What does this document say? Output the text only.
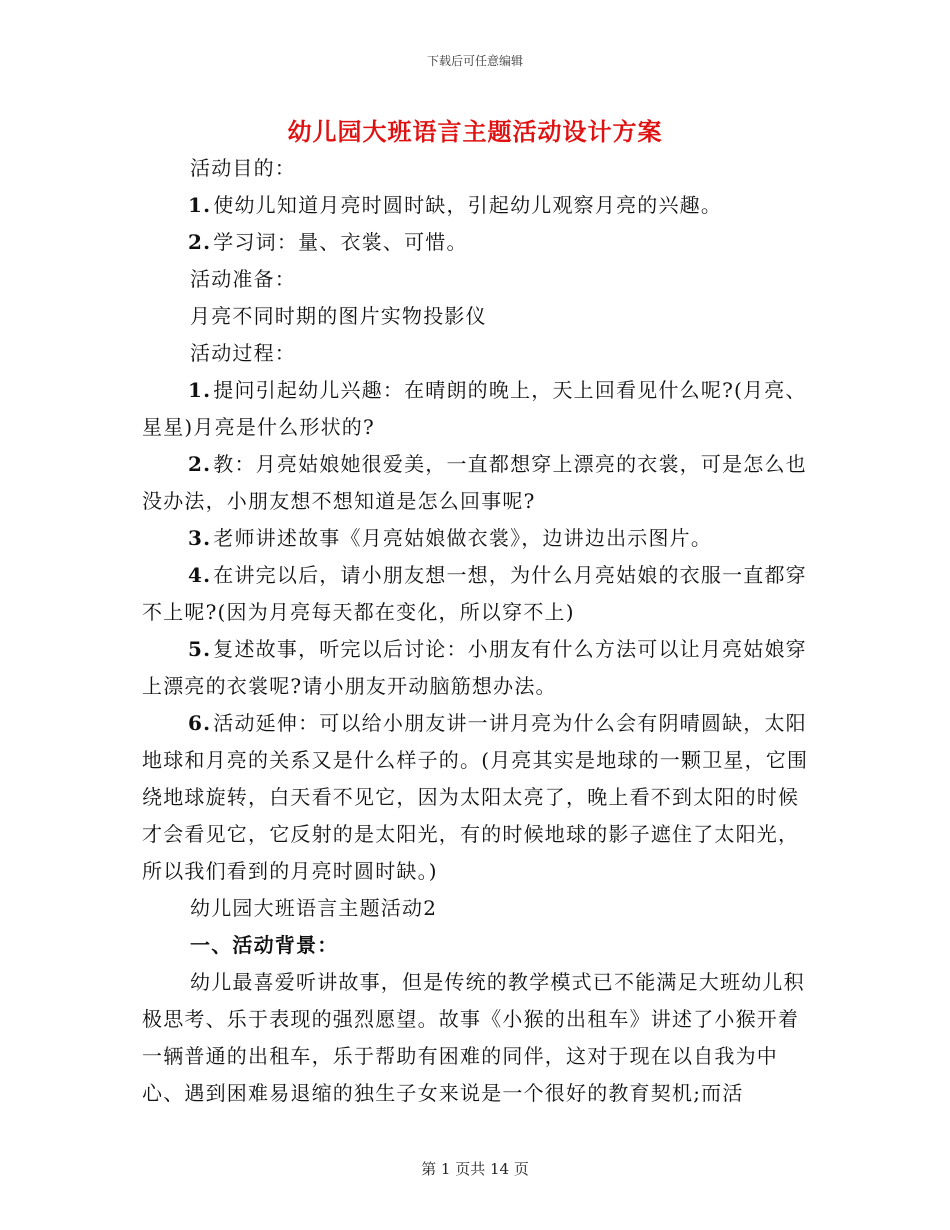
下载后可任意编辑
幼儿园大班语言主题活动设计方案

活动目的：

1. 使幼儿知道月亮时圆时缺，引起幼儿观察月亮的兴趣。

2. 学习词：量、衣裳、可惜。

活动准备：

月亮不同时期的图片实物投影仪

活动过程：

1. 提问引起幼儿兴趣：在晴朗的晚上，天上回看见什么呢?(月亮、星星)月亮是什么形状的?

2. 教：月亮姑娘她很爱美，一直都想穿上漂亮的衣裳，可是怎么也没办法，小朋友想不想知道是怎么回事呢?

3. 老师讲述故事《月亮姑娘做衣裳》，边讲边出示图片。

4. 在讲完以后，请小朋友想一想，为什么月亮姑娘的衣服一直都穿不上呢?(因为月亮每天都在变化，所以穿不上)

5. 复述故事，听完以后讨论：小朋友有什么方法可以让月亮姑娘穿上漂亮的衣裳呢?请小朋友开动脑筋想办法。

6. 活动延伸：可以给小朋友讲一讲月亮为什么会有阴晴圆缺，太阳地球和月亮的关系又是什么样子的。(月亮其实是地球的一颗卫星，它围绕地球旋转，白天看不见它，因为太阳太亮了，晚上看不到太阳的时候才会看见它，它反射的是太阳光，有的时候地球的影子遮住了太阳光，所以我们看到的月亮时圆时缺。)

幼儿园大班语言主题活动2

一、活动背景：

幼儿最喜爱听讲故事，但是传统的教学模式已不能满足大班幼儿积极思考、乐于表现的强烈愿望。故事《小猴的出租车》讲述了小猴开着一辆普通的出租车，乐于帮助有困难的同伴，这对于现在以自我为中心、遇到困难易退缩的独生子女来说是一个很好的教育契机;而活

第 1 页共 14 页
